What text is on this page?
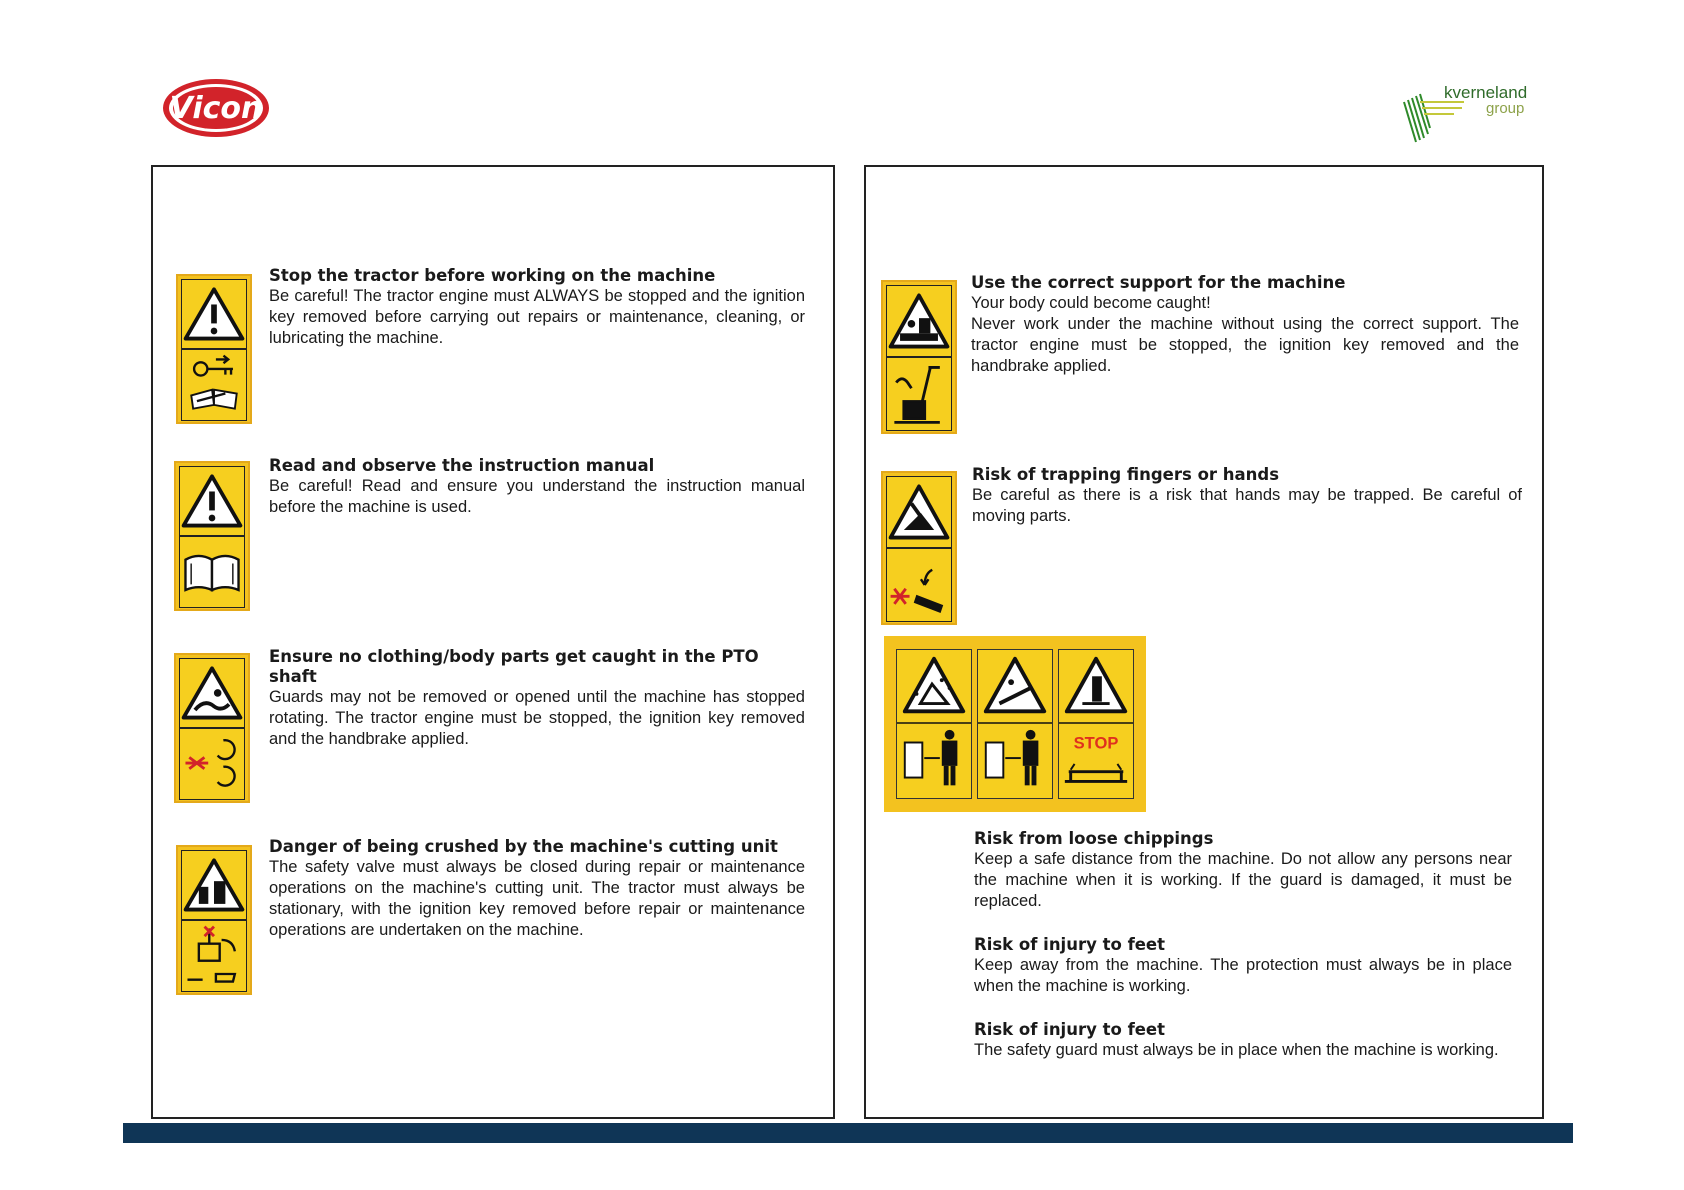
Vicon	kverneland
group
Stop the tractor before working on the machine
Be careful! The tractor engine must ALWAYS be stopped and the ignition key removed before carrying out repairs or maintenance, cleaning, or lubricating the machine.
Read and observe the instruction manual
Be careful! Read and ensure you understand the instruction manual before the machine is used.
Ensure no clothing/body parts get caught in the PTO shaft
Guards may not be removed or opened until the machine has stopped rotating. The tractor engine must be stopped, the ignition key removed and the handbrake applied.
Danger of being crushed by the machine's cutting unit
The safety valve must always be closed during repair or maintenance operations on the machine's cutting unit. The tractor must always be stationary, with the ignition key removed before repair or maintenance operations are undertaken on the machine.
Use the correct support for the machine

Your body could become caught!

Never work under the machine without using the correct support. The tractor engine must be stopped, the ignition key removed and the handbrake applied.

Risk of trapping fingers or hands

Be careful as there is a risk that hands may be trapped. Be careful of moving parts.

STOP
Risk from loose chippings
Keep a safe distance from the machine. Do not allow any persons near the machine when it is working. If the guard is damaged, it must be replaced.
Risk of injury to feet
Keep away from the machine. The protection must always be in place when the machine is working.
Risk of injury to feet
The safety guard must always be in place when the machine is working.
